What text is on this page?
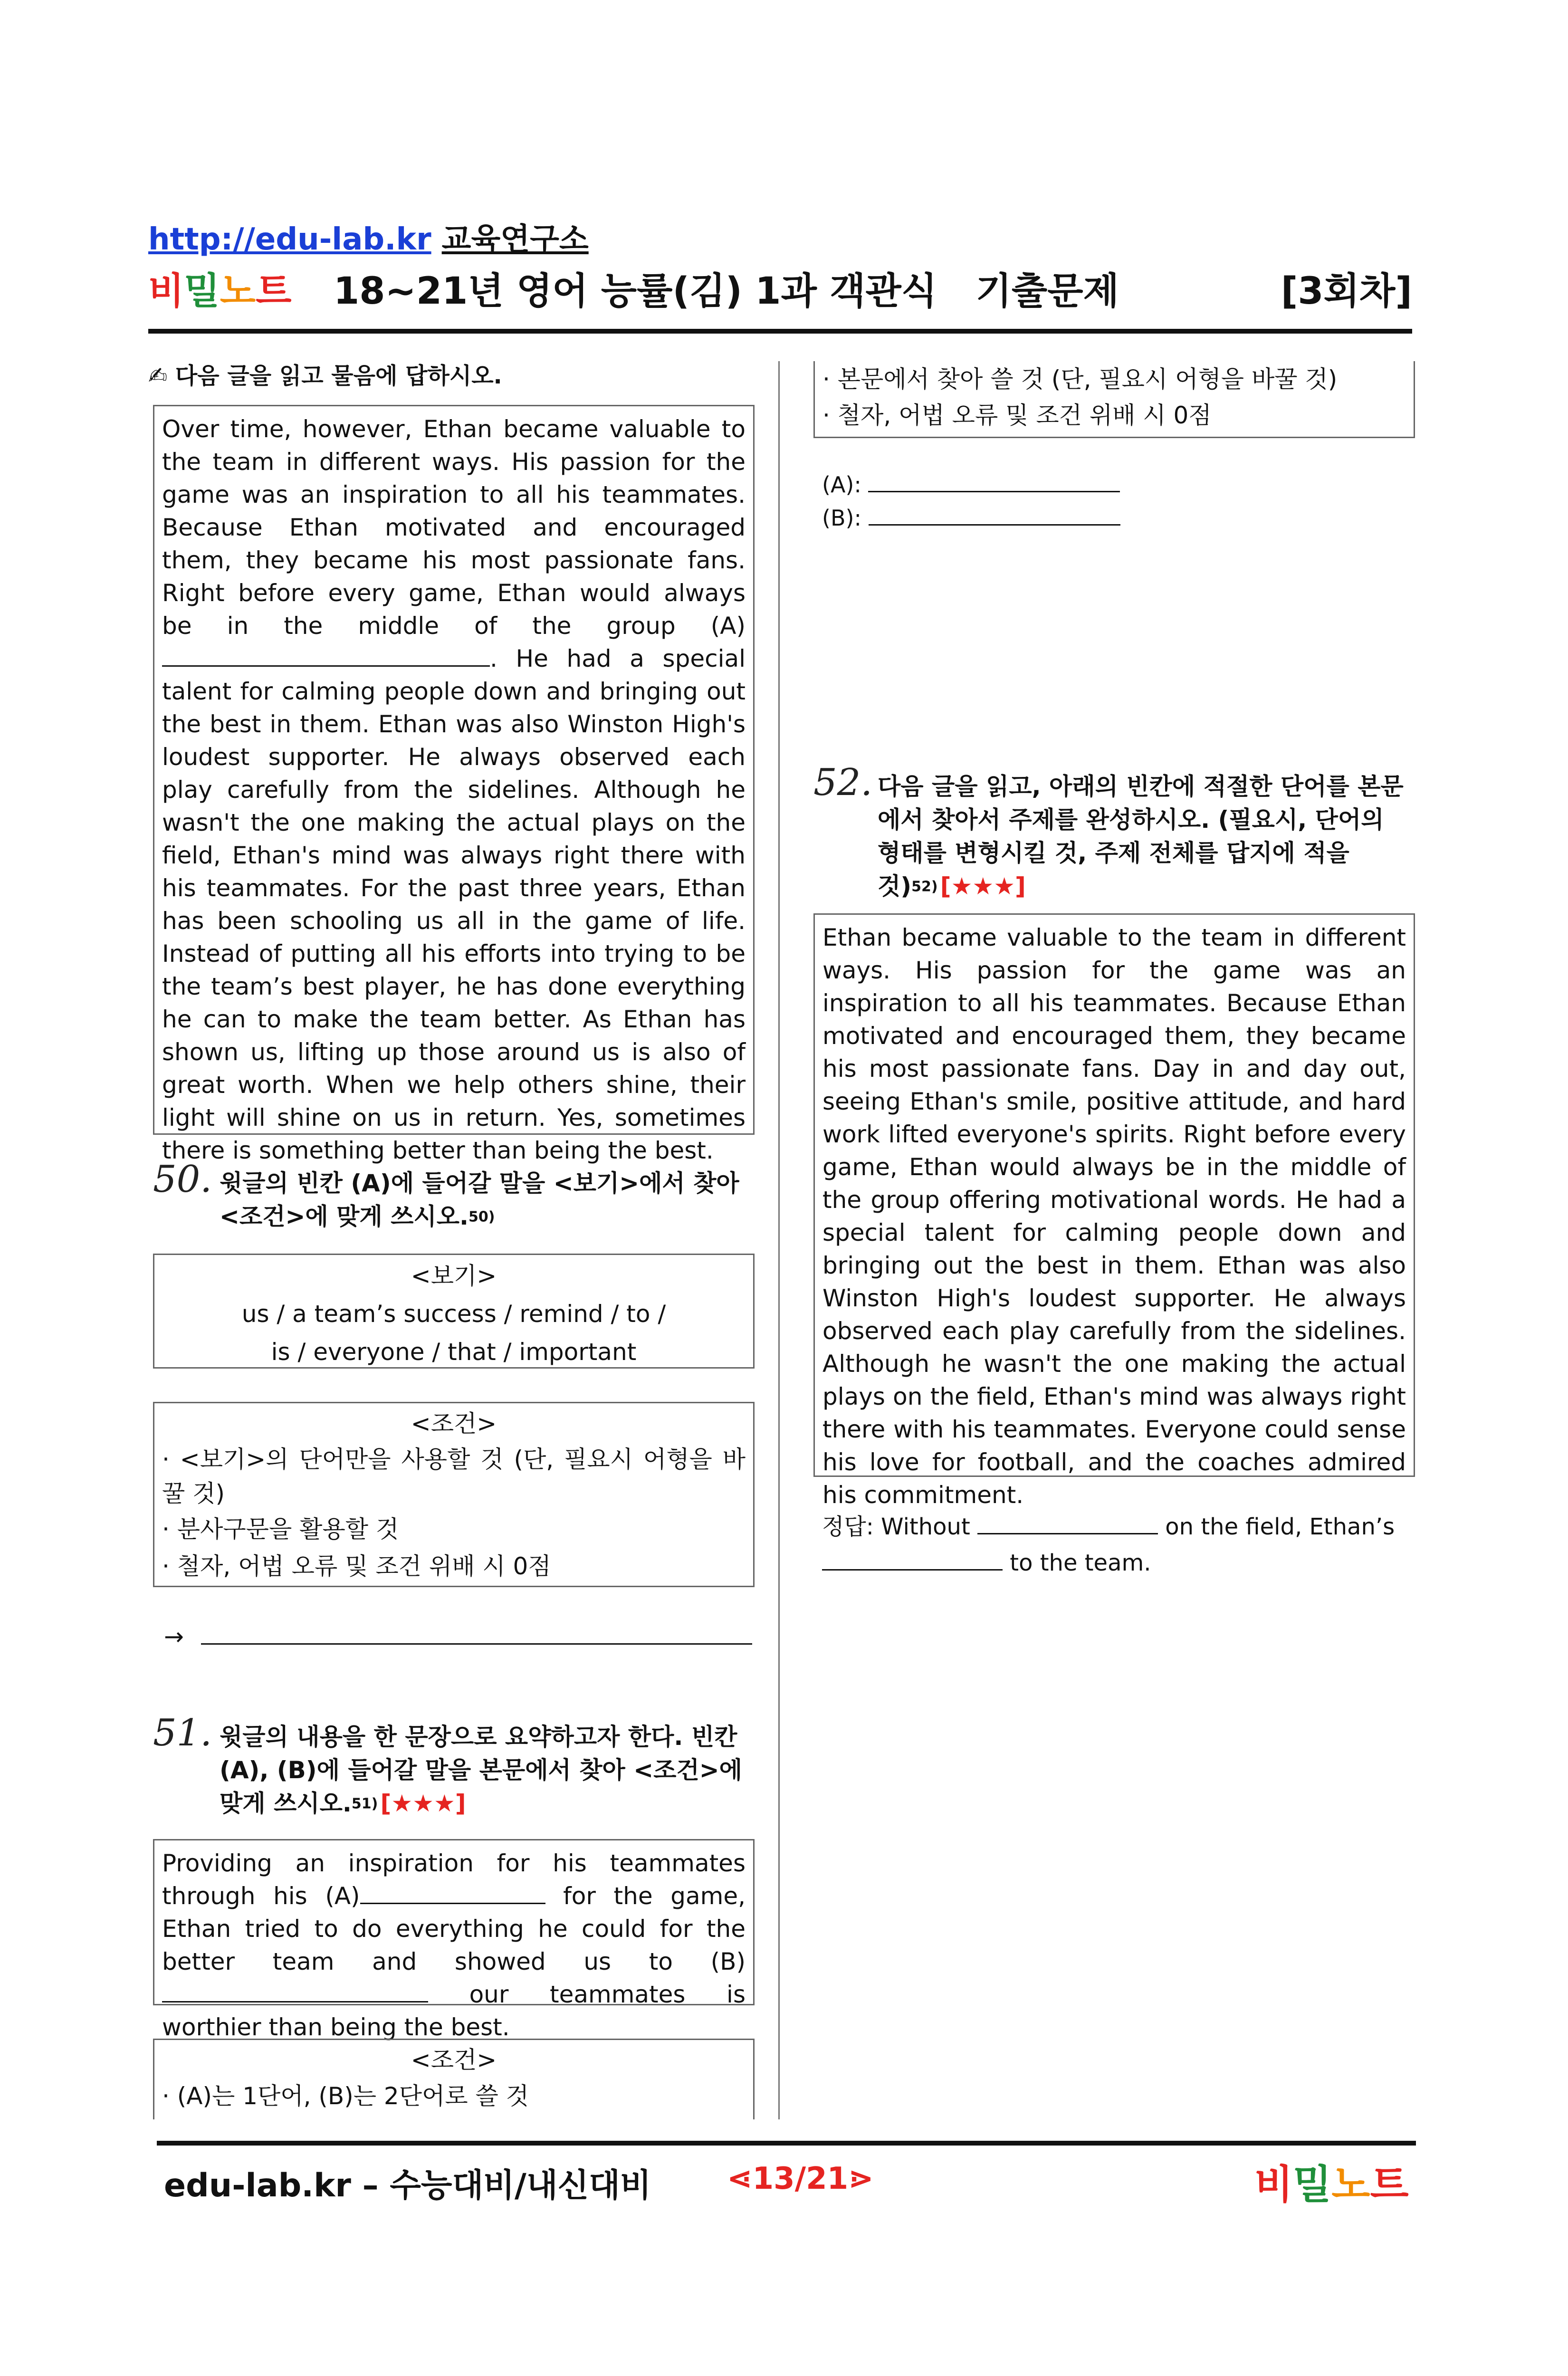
http://edu-lab.kr 교육연구소
비밀노트 18~21년 영어 능률(김) 1과 객관식   기출문제	[3회차]
✍ 다음 글을 읽고 물음에 답하시오.
Over time, however, Ethan became valuable to the team in different ways. His passion for the game was an inspiration to all his teammates. Because Ethan motivated and encouraged them, they became his most passionate fans. Right before every game, Ethan would always be in the middle of the group (A). He had a special talent for calming people down and bringing out the best in them. Ethan was also Winston High's loudest supporter. He always observed each play carefully from the sidelines. Although he wasn't the one making the actual plays on the field, Ethan's mind was always right there with his teammates. For the past three years, Ethan has been schooling us all in the game of life. Instead of putting all his efforts into trying to be the team’s best player, he has done everything he can to make the team better. As Ethan has shown us, lifting up those around us is also of great worth. When we help others shine, their light will shine on us in return. Yes, sometimes there is something better than being the best.
50. 윗글의 빈칸 (A)에 들어갈 말을 <보기>에서 찾아 <조건>에 맞게 쓰시오.$^{50)}$
<보기>
us / a team’s success / remind / to /
is / everyone / that / important
<조건>
· <보기>의 단어만을 사용할 것 (단, 필요시 어형을 바꿀 것)
· 분사구문을 활용할 것
· 철자, 어법 오류 및 조건 위배 시 0점
→
51. 윗글의 내용을 한 문장으로 요약하고자 한다. 빈칸 (A), (B)에 들어갈 말을 본문에서 찾아 <조건>에 맞게 쓰시오.$^{51)}$ [★★★]
Providing an inspiration for his teammates through his (A)	for the game, Ethan tried to do everything he could for the better team and showed us to (B) our teammates is worthier than being the best.
<조건>
· (A)는 1단어, (B)는 2단어로 쓸 것
· 본문에서 찾아 쓸 것 (단, 필요시 어형을 바꿀 것)
· 철자, 어법 오류 및 조건 위배 시 0점
(A):
(B):
52. 다음 글을 읽고, 아래의 빈칸에 적절한 단어를 본문에서 찾아서 주제를 완성하시오. (필요시, 단어의 형태를 변형시킬 것, 주제 전체를 답지에 적을 것)$^{52)}$ [★★★]
Ethan became valuable to the team in different ways. His passion for the game was an inspiration to all his teammates. Because Ethan motivated and encouraged them, they became his most passionate fans. Day in and day out, seeing Ethan's smile, positive attitude, and hard work lifted everyone's spirits. Right before every game, Ethan would always be in the middle of the group offering motivational words. He had a special talent for calming people down and bringing out the best in them. Ethan was also Winston High's loudest supporter. He always observed each play carefully from the sidelines. Although he wasn't the one making the actual plays on the field, Ethan's mind was always right there with his teammates. Everyone could sense his love for football, and the coaches admired his commitment.
정답: Without	on the field, Ethan’s
to the team.
edu-lab.kr – 수능대비/내신대비 ⋖13/21⋗	비밀노트
